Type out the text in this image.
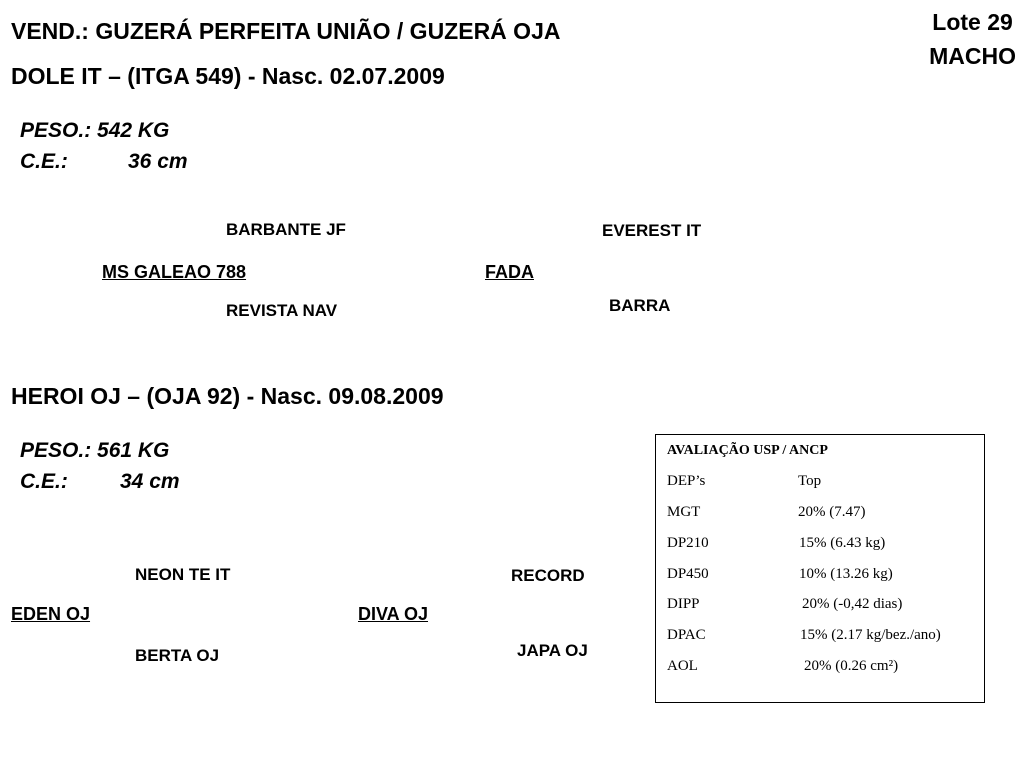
VEND.: GUZERÁ PERFEITA UNIÃO / GUZERÁ OJA	Lote 29
MACHO
DOLE IT – (ITGA 549) - Nasc. 02.07.2009
PESO.: 542 KG
C.E.:	36 cm
BARBANTE JF	EVEREST IT
MS GALEAO 788	FADA
REVISTA NAV	BARRA
HEROI OJ – (OJA 92) - Nasc. 09.08.2009
PESO.: 561 KG
C.E.: 34 cm
NEON TE IT	RECORD
EDEN OJ	DIVA OJ
BERTA OJ	JAPA OJ
AVALIAÇÃO USP / ANCP
DEP’s	Top
MGT	20% (7.47)
DP210	15% (6.43 kg)
DP450	10% (13.26 kg)
DIPP	20% (-0,42 dias)
DPAC	15% (2.17 kg/bez./ano)
AOL	20% (0.26 cm²)
